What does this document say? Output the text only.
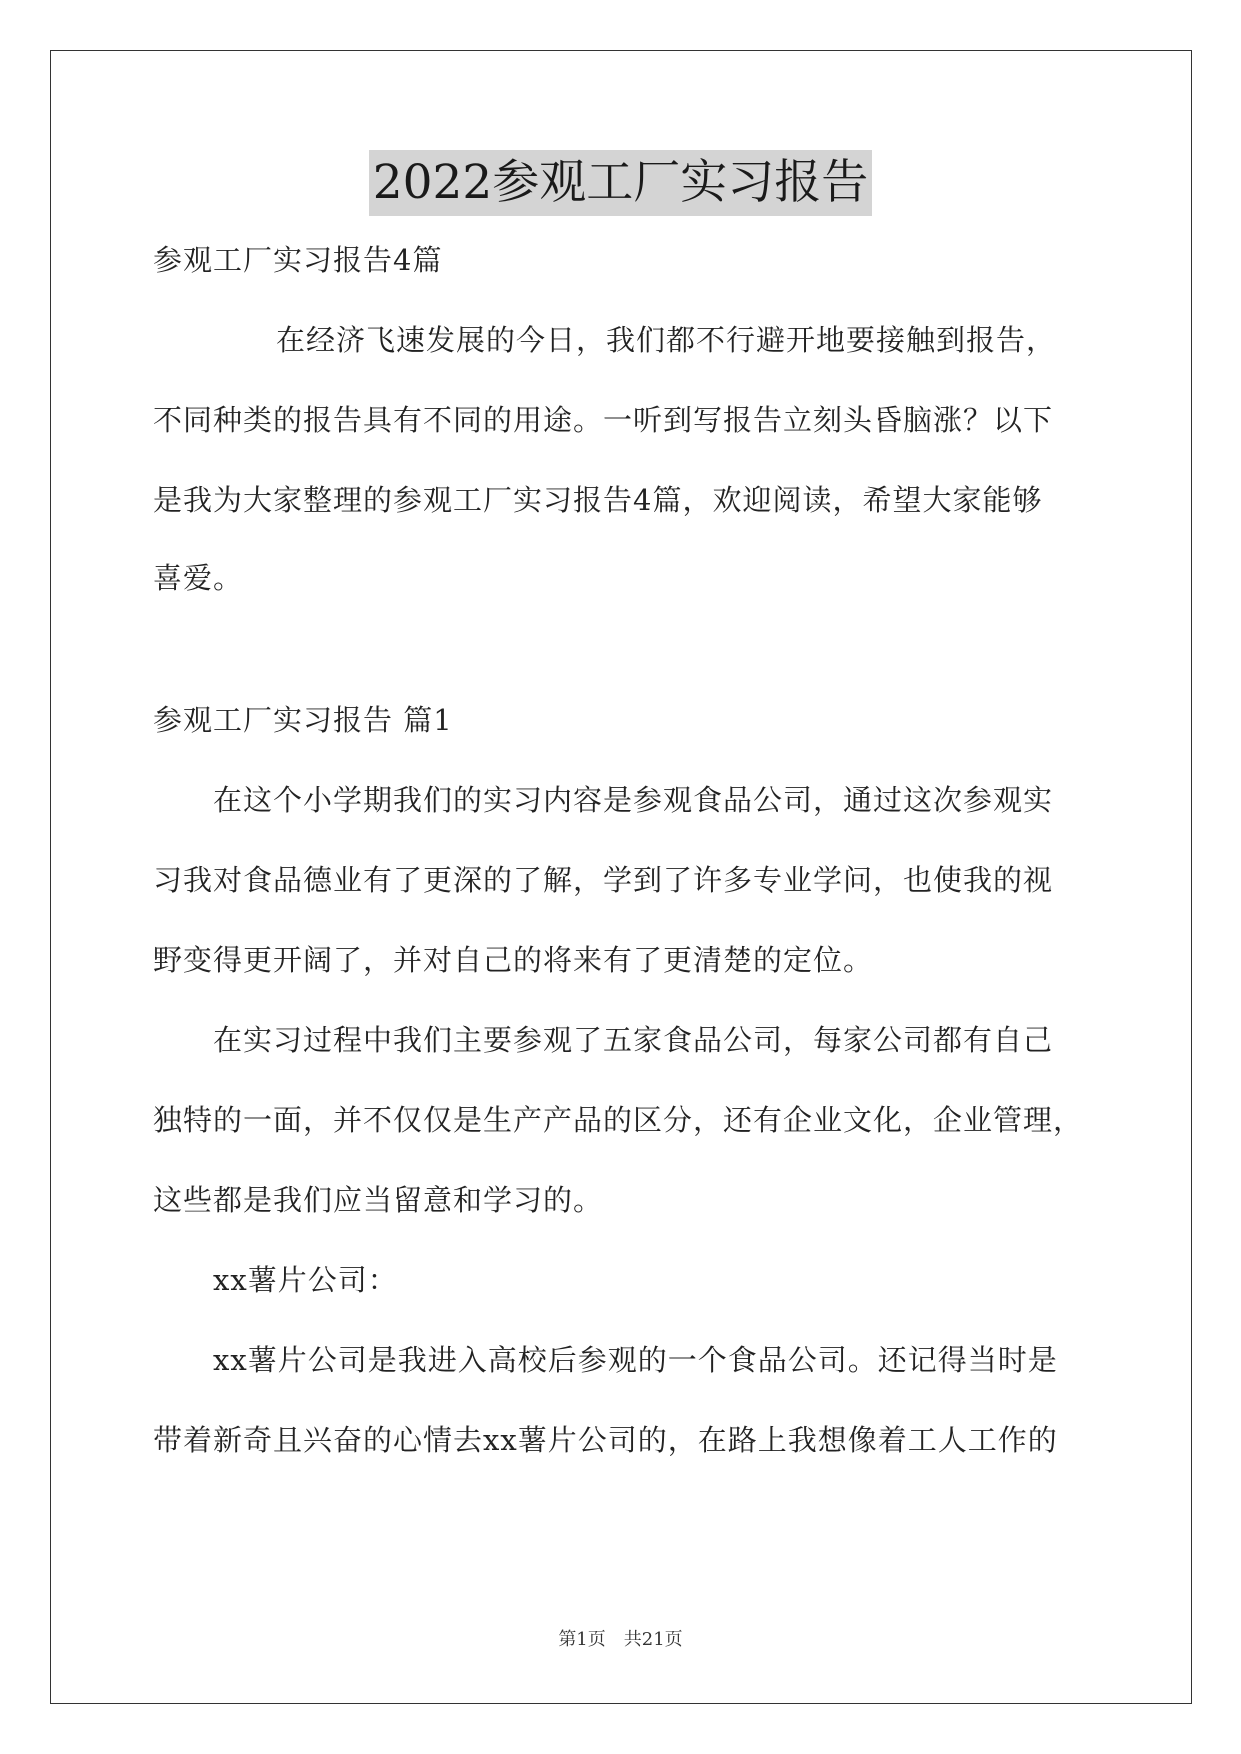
2022参观工厂实习报告
参观工厂实习报告4篇
在经济飞速发展的今日，我们都不行避开地要接触到报告，
不同种类的报告具有不同的用途。一听到写报告立刻头昏脑涨？以下
是我为大家整理的参观工厂实习报告4篇，欢迎阅读，希望大家能够
喜爱。
参观工厂实习报告 篇1
在这个小学期我们的实习内容是参观食品公司，通过这次参观实
习我对食品德业有了更深的了解，学到了许多专业学问，也使我的视
野变得更开阔了，并对自己的将来有了更清楚的定位。
在实习过程中我们主要参观了五家食品公司，每家公司都有自己
独特的一面，并不仅仅是生产产品的区分，还有企业文化，企业管理，
这些都是我们应当留意和学习的。
xx薯片公司：
xx薯片公司是我进入高校后参观的一个食品公司。还记得当时是
带着新奇且兴奋的心情去xx薯片公司的，在路上我想像着工人工作的
第1页　共21页
